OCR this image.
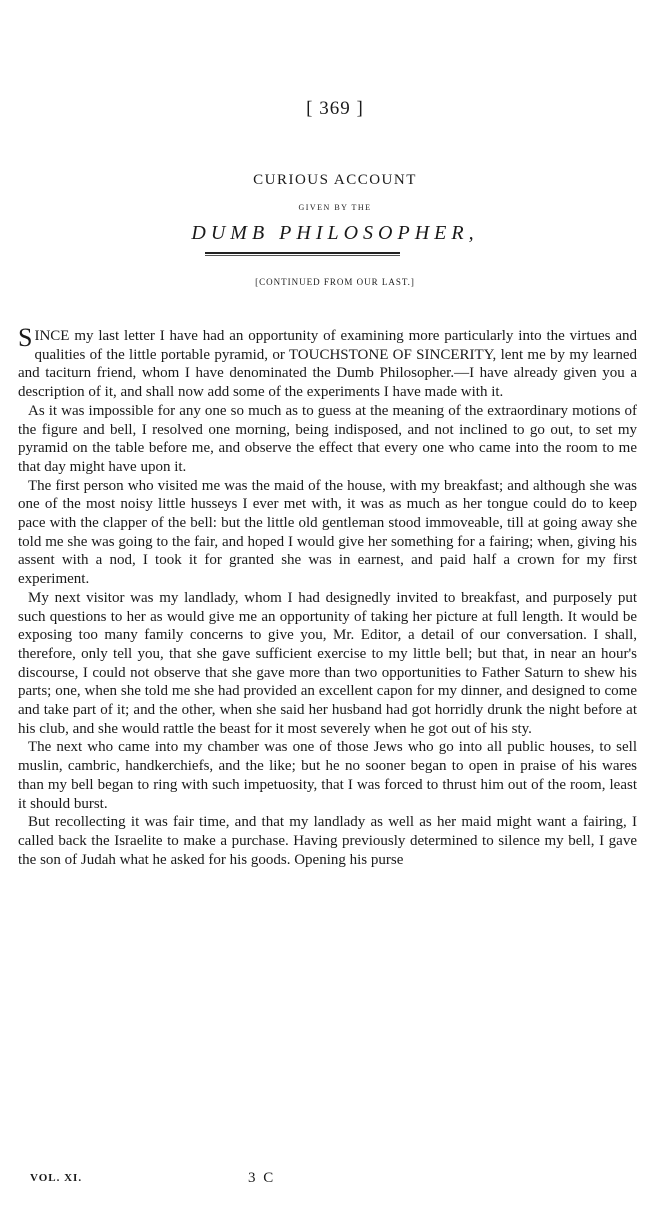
[ 369 ]
CURIOUS ACCOUNT
GIVEN BY THE
DUMB PHILOSOPHER,
[CONTINUED FROM OUR LAST.]

SINCE my last letter I have had an opportunity of examining more particularly into the virtues and qualities of the little portable pyramid, or TOUCHSTONE OF SINCERITY, lent me by my learned and taciturn friend, whom I have denominated the Dumb Philosopher.—I have already given you a description of it, and shall now add some of the experiments I have made with it.

As it was impossible for any one so much as to guess at the meaning of the extraordinary motions of the figure and bell, I resolved one morning, being indisposed, and not inclined to go out, to set my pyramid on the table before me, and observe the effect that every one who came into the room to me that day might have upon it.

The first person who visited me was the maid of the house, with my breakfast; and although she was one of the most noisy little husseys I ever met with, it was as much as her tongue could do to keep pace with the clapper of the bell: but the little old gentleman stood immoveable, till at going away she told me she was going to the fair, and hoped I would give her something for a fairing; when, giving his assent with a nod, I took it for granted she was in earnest, and paid half a crown for my first experiment.

My next visitor was my landlady, whom I had designedly invited to breakfast, and purposely put such questions to her as would give me an opportunity of taking her picture at full length. It would be exposing too many family concerns to give you, Mr. Editor, a detail of our conversation. I shall, therefore, only tell you, that she gave sufficient exercise to my little bell; but that, in near an hour's discourse, I could not observe that she gave more than two opportunities to Father Saturn to shew his parts; one, when she told me she had provided an excellent capon for my dinner, and designed to come and take part of it; and the other, when she said her husband had got horridly drunk the night before at his club, and she would rattle the beast for it most severely when he got out of his sty.

The next who came into my chamber was one of those Jews who go into all public houses, to sell muslin, cambric, handkerchiefs, and the like; but he no sooner began to open in praise of his wares than my bell began to ring with such impetuosity, that I was forced to thrust him out of the room, least it should burst.

But recollecting it was fair time, and that my landlady as well as her maid might want a fairing, I called back the Israelite to make a purchase. Having previously determined to silence my bell, I gave the son of Judah what he asked for his goods. Opening his purse

VOL. XI.	3 C
